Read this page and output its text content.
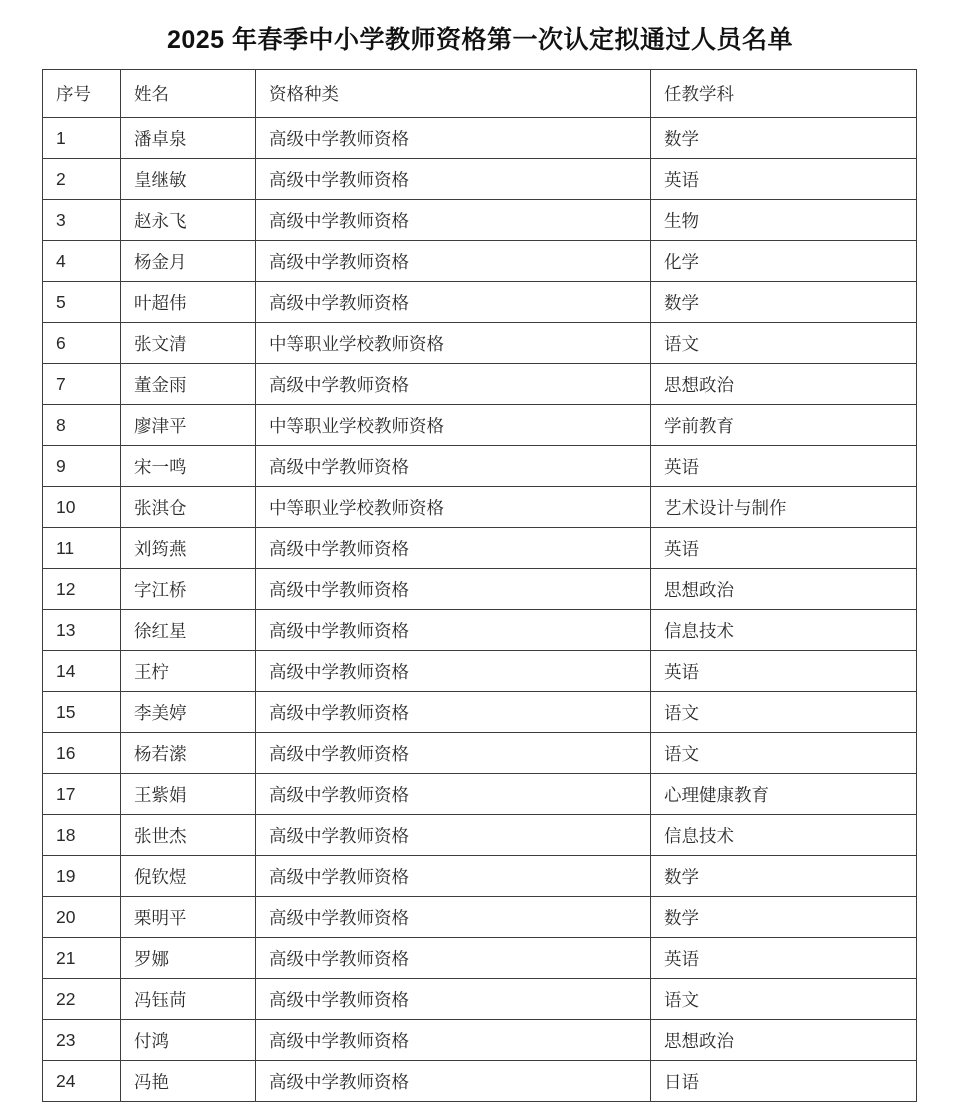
2025 年春季中小学教师资格第一次认定拟通过人员名单
序号	姓名	资格种类	任教学科
1	潘卓泉	高级中学教师资格	数学
2	皇继敏	高级中学教师资格	英语
3	赵永飞	高级中学教师资格	生物
4	杨金月	高级中学教师资格	化学
5	叶超伟	高级中学教师资格	数学
6	张文清	中等职业学校教师资格	语文
7	董金雨	高级中学教师资格	思想政治
8	廖津平	中等职业学校教师资格	学前教育
9	宋一鸣	高级中学教师资格	英语
10	张淇仓	中等职业学校教师资格	艺术设计与制作
11	刘筠燕	高级中学教师资格	英语
12	字江桥	高级中学教师资格	思想政治
13	徐红星	高级中学教师资格	信息技术
14	王柠	高级中学教师资格	英语
15	李美婷	高级中学教师资格	语文
16	杨若潆	高级中学教师资格	语文
17	王紫娟	高级中学教师资格	心理健康教育
18	张世杰	高级中学教师资格	信息技术
19	倪钦煜	高级中学教师资格	数学
20	栗明平	高级中学教师资格	数学
21	罗娜	高级中学教师资格	英语
22	冯钰苘	高级中学教师资格	语文
23	付鸿	高级中学教师资格	思想政治
24	冯艳	高级中学教师资格	日语
